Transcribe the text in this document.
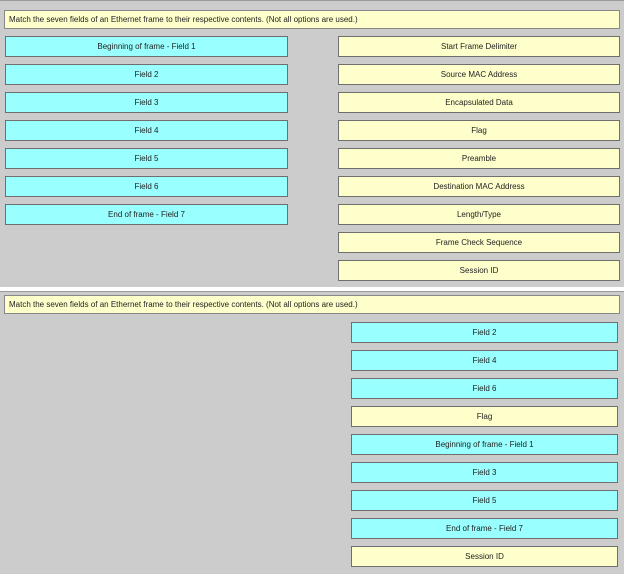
Match the seven fields of an Ethernet frame to their respective contents. (Not all options are used.)
Beginning of frame - Field 1
Field 2
Field 3
Field 4
Field 5
Field 6
End of frame - Field 7
Start Frame Delimiter
Source MAC Address
Encapsulated Data
Flag
Preamble
Destination MAC Address
Length/Type
Frame Check Sequence
Session ID
Match the seven fields of an Ethernet frame to their respective contents. (Not all options are used.)
Field 2
Field 4
Field 6
Flag
Beginning of frame - Field 1
Field 3
Field 5
End of frame - Field 7
Session ID
